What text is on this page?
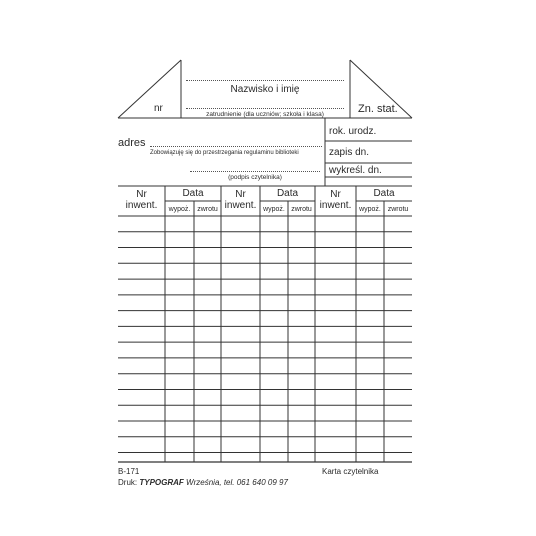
nr
Nazwisko i imię
zatrudnienie (dla uczniów; szkoła i klasa)	Zn. stat.
adres
Zobowiązuję się do przestrzegania regulaminu biblioteki
(podpis czytelnika)
rok. urodz.
zapis dn.
wykreśl. dn.
Nr
inwent.
Data
wypoż. zwrotu
Nr
inwent.
Data
wypoż. zwrotu
Nr
inwent.
Data
wypoż. zwrotu
B-171	Karta czytelnika
Druk: TYPOGRAF Września, tel. 061 640 09 97
